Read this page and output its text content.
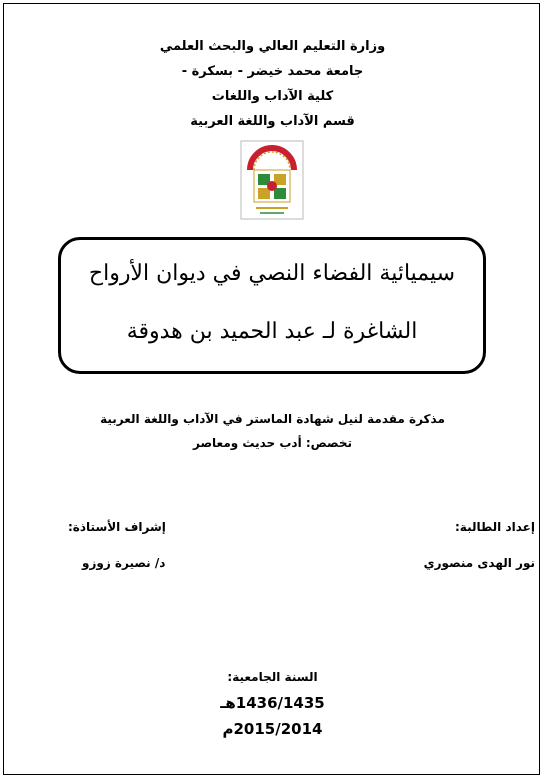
وزارة التعليم العالي والبحث العلمي
جامعة محمد خيضر - بسكرة -
كلية الآداب واللغات
قسم الآداب واللغة العربية
سيميائية الفضاء النصي في ديوان الأرواح
الشاغرة لـ عبد الحميد بن هدوقة
مذكرة مقدمة لنيل شهادة الماستر في الآداب واللغة العربية
تخصص: أدب حديث ومعاصر
إعداد الطالبة:
نور الهدى منصوري
إشراف الأستاذة:
د/ نصيرة زوزو
السنة الجامعية:
1436/1435هـ
2015/2014م
